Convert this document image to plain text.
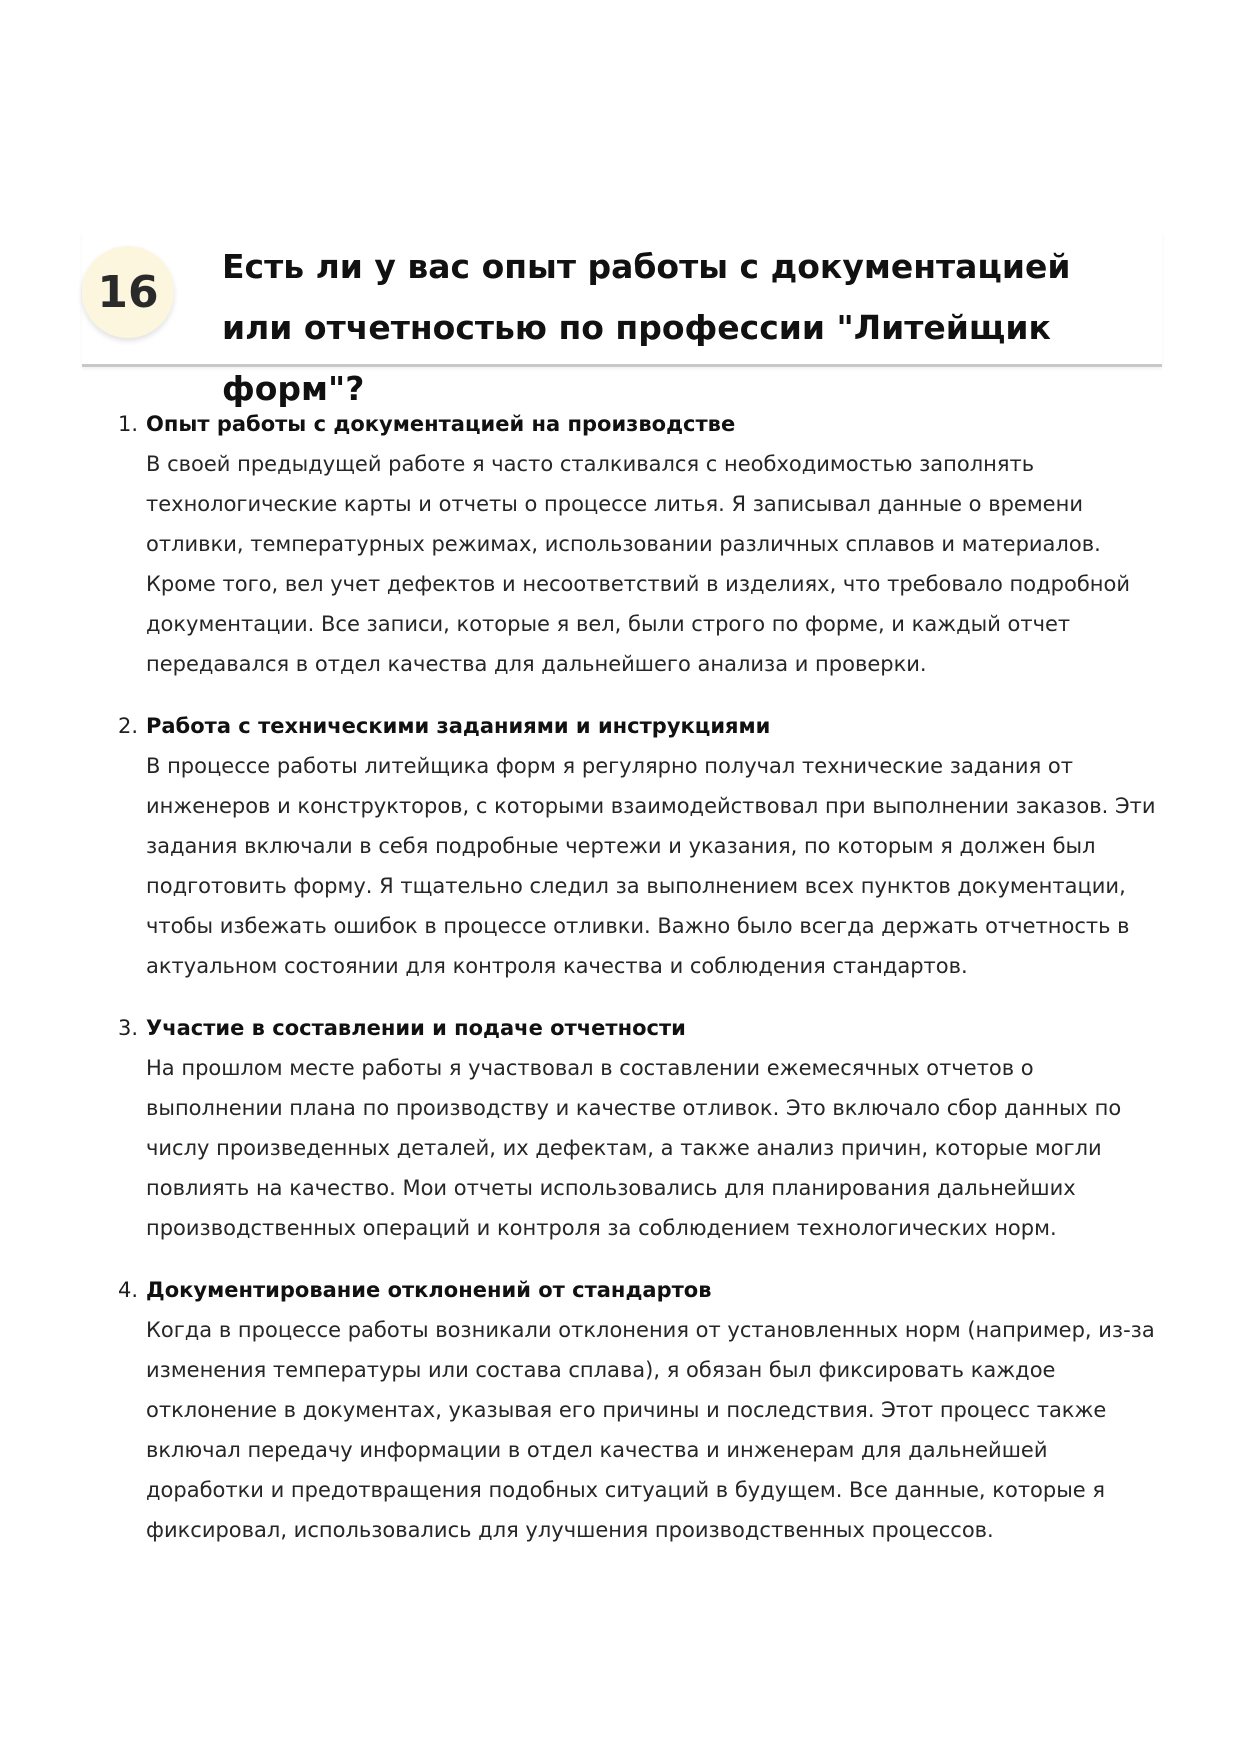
16	Есть ли у вас опыт работы с документацией или отчетностью по профессии "Литейщик форм"?
1. Опыт работы с документацией на производстве
В своей предыдущей работе я часто сталкивался с необходимостью заполнять технологические карты и отчеты о процессе литья. Я записывал данные о времени отливки, температурных режимах, использовании различных сплавов и материалов. Кроме того, вел учет дефектов и несоответствий в изделиях, что требовало подробной документации. Все записи, которые я вел, были строго по форме, и каждый отчет передавался в отдел качества для дальнейшего анализа и проверки.
2. Работа с техническими заданиями и инструкциями
В процессе работы литейщика форм я регулярно получал технические задания от инженеров и конструкторов, с которыми взаимодействовал при выполнении заказов. Эти задания включали в себя подробные чертежи и указания, по которым я должен был подготовить форму. Я тщательно следил за выполнением всех пунктов документации, чтобы избежать ошибок в процессе отливки. Важно было всегда держать отчетность в актуальном состоянии для контроля качества и соблюдения стандартов.
3. Участие в составлении и подаче отчетности
На прошлом месте работы я участвовал в составлении ежемесячных отчетов о выполнении плана по производству и качестве отливок. Это включало сбор данных по числу произведенных деталей, их дефектам, а также анализ причин, которые могли повлиять на качество. Мои отчеты использовались для планирования дальнейших производственных операций и контроля за соблюдением технологических норм.
4. Документирование отклонений от стандартов
Когда в процессе работы возникали отклонения от установленных норм (например, из-за изменения температуры или состава сплава), я обязан был фиксировать каждое отклонение в документах, указывая его причины и последствия. Этот процесс также включал передачу информации в отдел качества и инженерам для дальнейшей доработки и предотвращения подобных ситуаций в будущем. Все данные, которые я фиксировал, использовались для улучшения производственных процессов.
